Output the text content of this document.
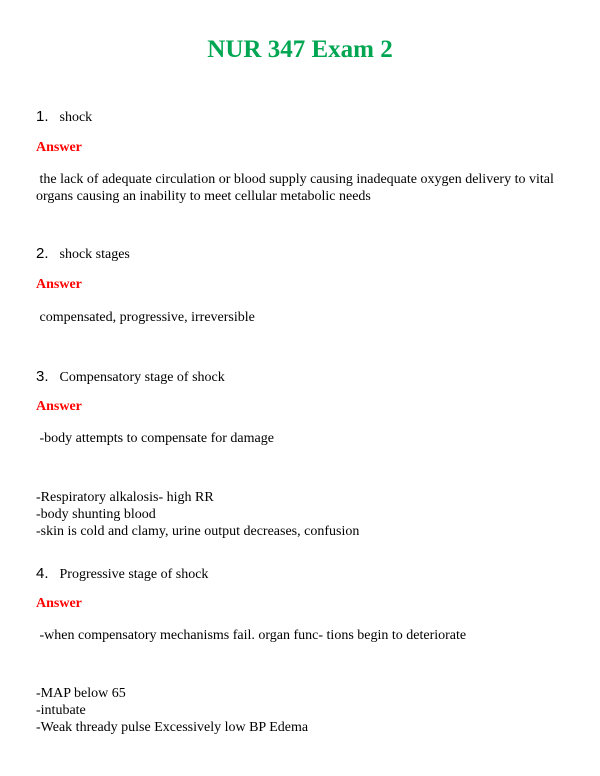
NUR 347 Exam 2
1. shock
Answer
the lack of adequate circulation or blood supply causing inadequate oxygen delivery to vital
organs causing an inability to meet cellular metabolic needs
2. shock stages
Answer
compensated, progressive, irreversible
3. Compensatory stage of shock
Answer
-body attempts to compensate for damage
-Respiratory alkalosis- high RR
-body shunting blood
-skin is cold and clamy, urine output decreases, confusion
4. Progressive stage of shock
Answer
-when compensatory mechanisms fail. organ func- tions begin to deteriorate
-MAP below 65
-intubate
-Weak thready pulse Excessively low BP Edema
